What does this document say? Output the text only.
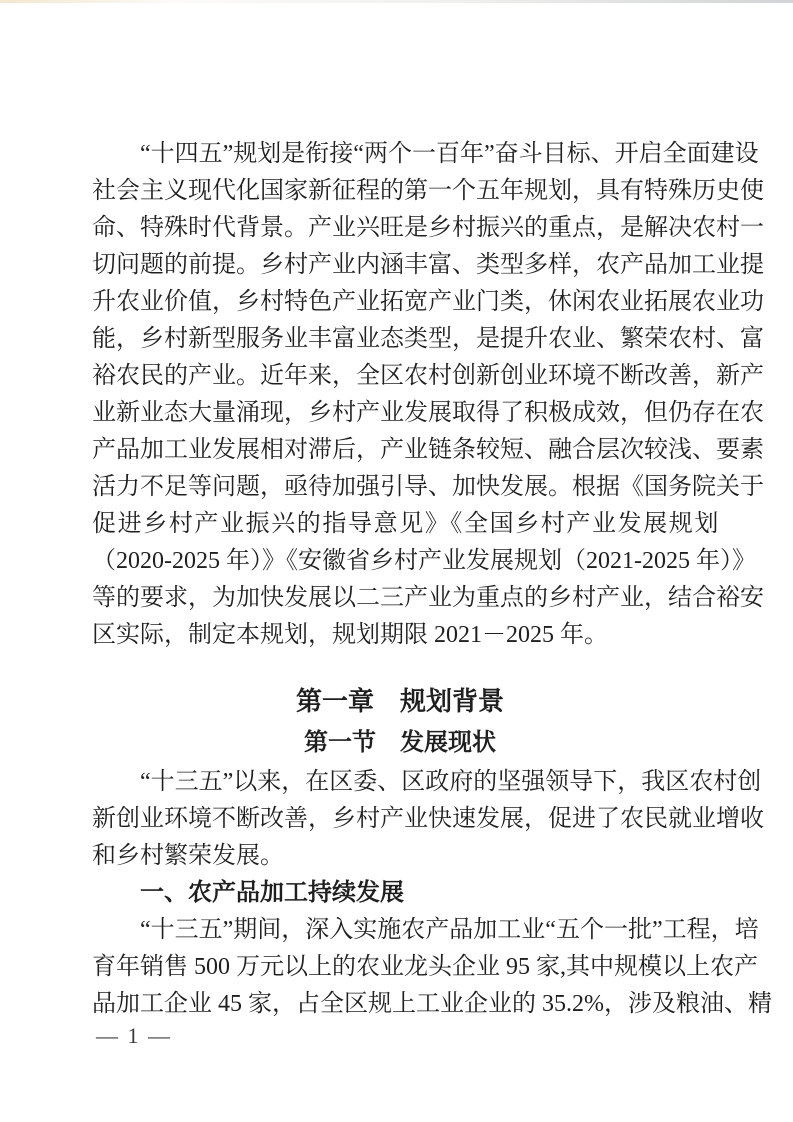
“十四五”规划是衔接“两个一百年”奋斗目标、开启全面建设
社会主义现代化国家新征程的第一个五年规划，具有特殊历史使
命、特殊时代背景。产业兴旺是乡村振兴的重点，是解决农村一
切问题的前提。乡村产业内涵丰富、类型多样，农产品加工业提
升农业价值，乡村特色产业拓宽产业门类，休闲农业拓展农业功
能，乡村新型服务业丰富业态类型，是提升农业、繁荣农村、富
裕农民的产业。近年来，全区农村创新创业环境不断改善，新产
业新业态大量涌现，乡村产业发展取得了积极成效，但仍存在农
产品加工业发展相对滞后，产业链条较短、融合层次较浅、要素
活力不足等问题，亟待加强引导、加快发展。根据《国务院关于
促进乡村产业振兴的指导意见》《全国乡村产业发展规划
（2020-2025 年）》《安徽省乡村产业发展规划（2021-2025 年）》
等的要求，为加快发展以二三产业为重点的乡村产业，结合裕安
区实际，制定本规划，规划期限 2021－2025 年。
第一章　规划背景
第一节　发展现状
“十三五”以来，在区委、区政府的坚强领导下，我区农村创
新创业环境不断改善，乡村产业快速发展，促进了农民就业增收
和乡村繁荣发展。
一、农产品加工持续发展
“十三五”期间，深入实施农产品加工业“五个一批”工程，培
育年销售 500 万元以上的农业龙头企业 95 家,其中规模以上农产
品加工企业 45 家，占全区规上工业企业的 35.2%，涉及粮油、精
— 1 —
